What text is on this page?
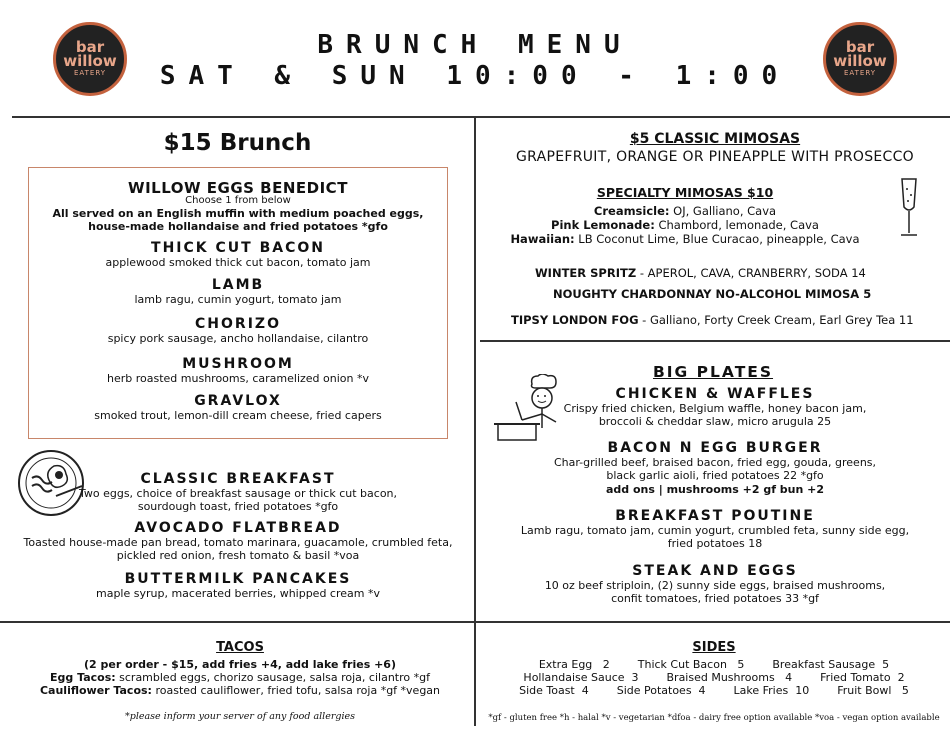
bar
willow
EATERY
bar
willow
EATERY
BRUNCH MENU
SAT & SUN 10:00 - 1:00
$15 Brunch
WILLOW EGGS BENEDICT
Choose 1 from below
All served on an English muffin with medium poached eggs,
house-made hollandaise and fried potatoes *gfo
THICK CUT BACON
applewood smoked thick cut bacon, tomato jam
LAMB
lamb ragu, cumin yogurt, tomato jam
CHORIZO
spicy pork sausage, ancho hollandaise, cilantro
MUSHROOM
herb roasted mushrooms, caramelized onion *v
GRAVLOX
smoked trout, lemon-dill cream cheese, fried capers
CLASSIC BREAKFAST
Two eggs, choice of breakfast sausage or thick cut bacon,
sourdough toast, fried potatoes *gfo
AVOCADO FLATBREAD
Toasted house-made pan bread, tomato marinara, guacamole, crumbled feta,
pickled red onion, fresh tomato & basil *voa
BUTTERMILK PANCAKES
maple syrup, macerated berries, whipped cream *v
$5 CLASSIC MIMOSAS
GRAPEFRUIT, ORANGE OR PINEAPPLE WITH PROSECCO
SPECIALTY MIMOSAS $10
Creamsicle: OJ, Galliano, Cava
Pink Lemonade: Chambord, lemonade, Cava
Hawaiian: LB Coconut Lime, Blue Curacao, pineapple, Cava
WINTER SPRITZ - APEROL, CAVA, CRANBERRY, SODA 14
NOUGHTY CHARDONNAY NO-ALCOHOL MIMOSA 5
TIPSY LONDON FOG - Galliano, Forty Creek Cream, Earl Grey Tea 11
BIG PLATES
CHICKEN & WAFFLES
Crispy fried chicken, Belgium waffle, honey bacon jam,
broccoli & cheddar slaw, micro arugula 25
BACON N EGG BURGER
Char-grilled beef, braised bacon, fried egg, gouda, greens,
black garlic aioli, fried potatoes 22 *gfo
add ons | mushrooms +2 gf bun +2
BREAKFAST POUTINE
Lamb ragu, tomato jam, cumin yogurt, crumbled feta, sunny side egg,
fried potatoes 18
STEAK AND EGGS
10 oz beef striploin, (2) sunny side eggs, braised mushrooms,
confit tomatoes, fried potatoes 33 *gf
TACOS
(2 per order - $15, add fries +4, add lake fries +6)
Egg Tacos: scrambled eggs, chorizo sausage, salsa roja, cilantro *gf
Cauliflower Tacos: roasted cauliflower, fried tofu, salsa roja *gf *vegan
*please inform your server of any food allergies
SIDES
Extra Egg   2        Thick Cut Bacon   5        Breakfast Sausage  5
Hollandaise Sauce  3        Braised Mushrooms   4        Fried Tomato  2
Side Toast  4        Side Potatoes  4        Lake Fries  10        Fruit Bowl   5
*gf - gluten free *h - halal *v - vegetarian *dfoa - dairy free option available *voa - vegan option available
